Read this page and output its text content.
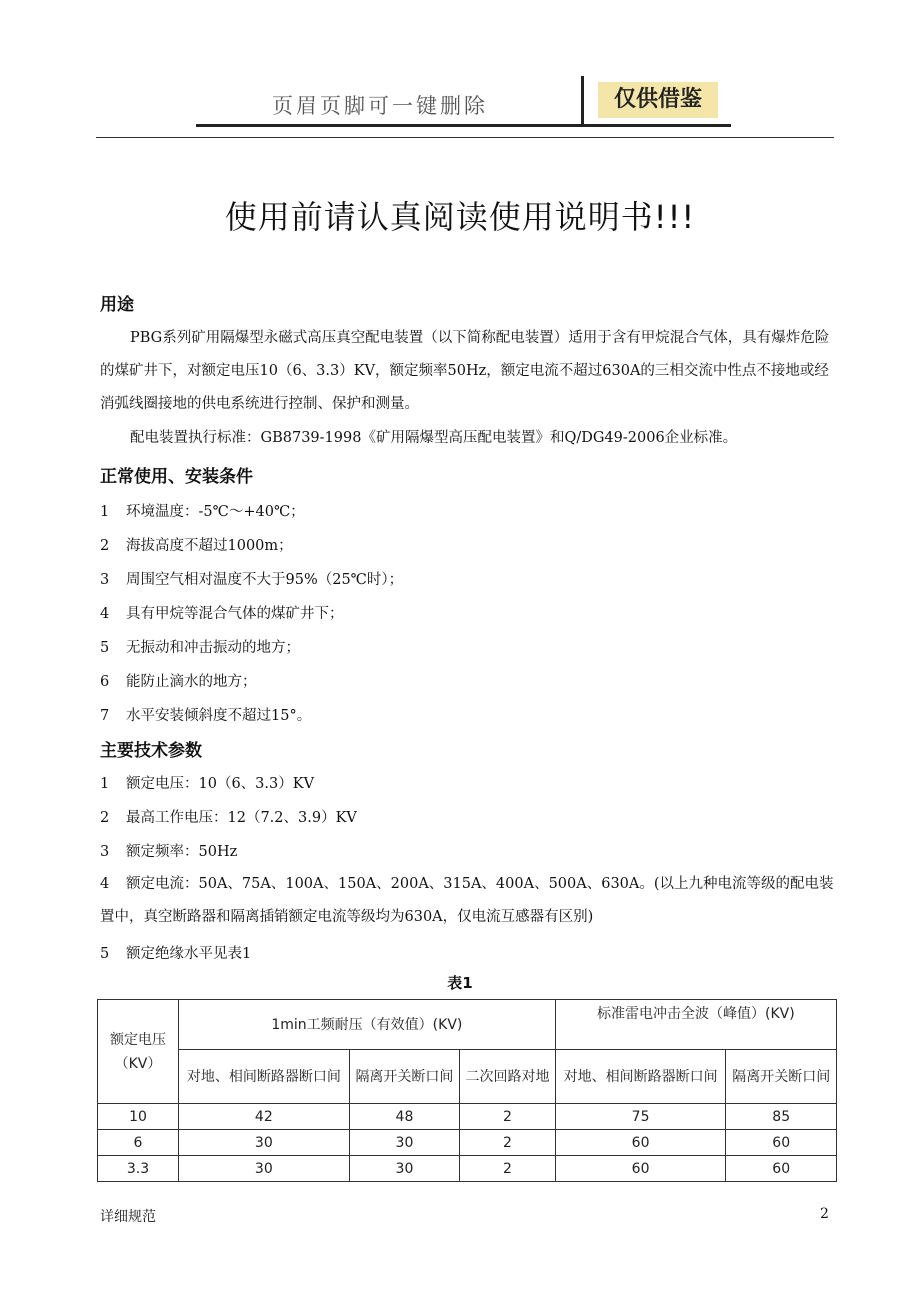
页眉页脚可一键删除	仅供借鉴
使用前请认真阅读使用说明书!!!
用途
PBG系列矿用隔爆型永磁式高压真空配电装置（以下简称配电装置）适用于含有甲烷混合气体，具有爆炸危险的煤矿井下，对额定电压10（6、3.3）KV，额定频率50Hz，额定电流不超过630A的三相交流中性点不接地或经消弧线圈接地的供电系统进行控制、保护和测量。
配电装置执行标准：GB8739-1998《矿用隔爆型高压配电装置》和Q/DG49-2006企业标准。
正常使用、安装条件
1 环境温度：-5℃～+40℃；
2 海拔高度不超过1000m；
3 周围空气相对温度不大于95%（25℃时）；
4 具有甲烷等混合气体的煤矿井下；
5 无振动和冲击振动的地方；
6 能防止滴水的地方；
7 水平安装倾斜度不超过15°。
主要技术参数
1 额定电压：10（6、3.3）KV
2 最高工作电压：12（7.2、3.9）KV
3 额定频率：50Hz
4 额定电流：50A、75A、100A、150A、200A、315A、400A、500A、630A。(以上九种电流等级的配电装置中，真空断路器和隔离插销额定电流等级均为630A，仅电流互感器有区别)
5 额定绝缘水平见表1
表1
额定电压（KV）	1min工频耐压（有效值）(KV)			标准雷电冲击全波（峰值）(KV)	
	对地、相间断路器断口间	隔离开关断口间	二次回路对地	对地、相间断路器断口间	隔离开关断口间
10	42	48	2	75	85
6	30	30	2	60	60
3.3	30	30	2	60	60
详细规范	2
